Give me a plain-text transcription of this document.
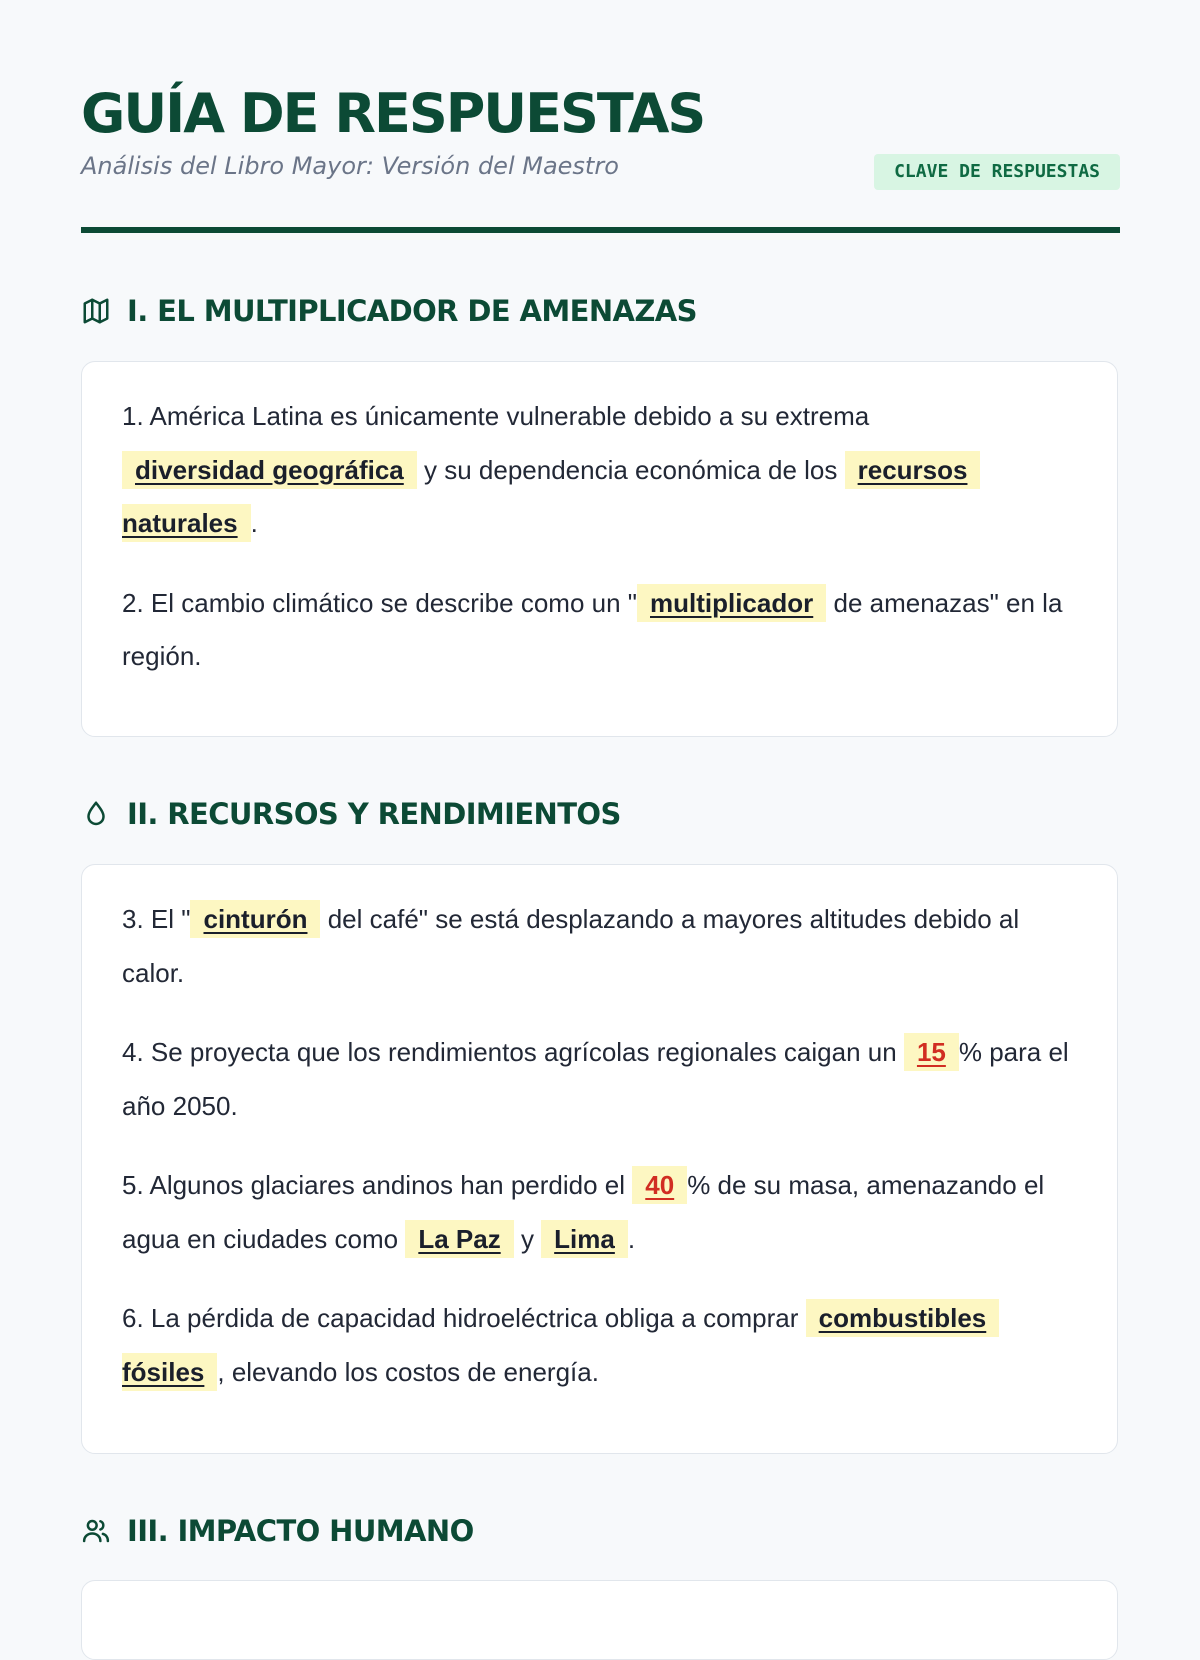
GUÍA DE RESPUESTAS
Análisis del Libro Mayor: Versión del Maestro	CLAVE DE RESPUESTAS
I. EL MULTIPLICADOR DE AMENAZAS

1. América Latina es únicamente vulnerable debido a su extrema diversidad geográfica y su dependencia económica de los recursos naturales .

2. El cambio climático se describe como un " multiplicador de amenazas" en la región.

II. RECURSOS Y RENDIMIENTOS

3. El " cinturón del café" se está desplazando a mayores altitudes debido al calor.

4. Se proyecta que los rendimientos agrícolas regionales caigan un 15 % para el año 2050.

5. Algunos glaciares andinos han perdido el 40 % de su masa, amenazando el agua en ciudades como La Paz y Lima .

6. La pérdida de capacidad hidroeléctrica obliga a comprar combustibles fósiles , elevando los costos de energía.

III. IMPACTO HUMANO
